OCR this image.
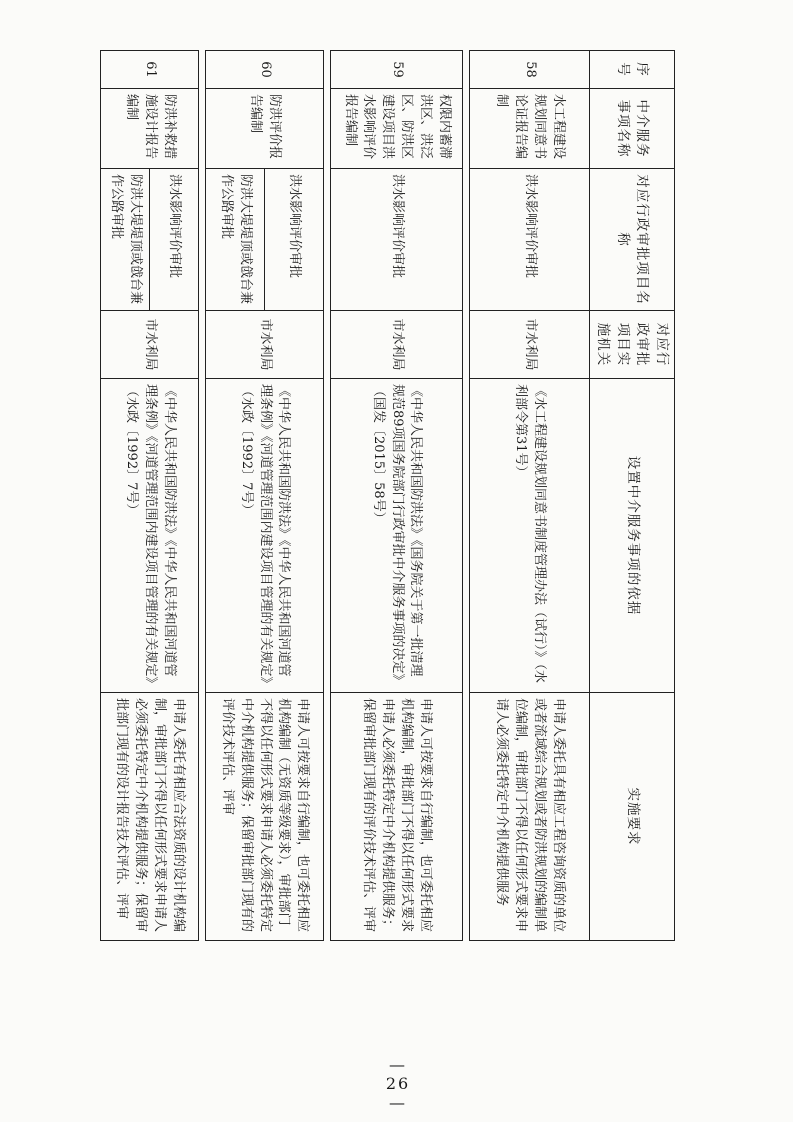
序号	中介服务事项名称	对应行政审批项目名称	对应行政审批项目实施机关	设置中介服务事项的依据	实施要求
58	水工程建设规划同意书论证报告编制	洪水影响评价审批	市水利局	《水工程建设规划同意书制度管理办法（试行）》（水利部令第31号）	申请人委托具有相应工程咨询资质的单位或者流域综合规划或者防洪规划的编制单位编制，审批部门不得以任何形式要求申请人必须委托特定中介机构提供服务

59	权限内蓄滞洪区、洪泛区、防洪区建设项目洪水影响评价报告编制	洪水影响评价审批	市水利局	《中华人民共和国防洪法》《国务院关于第一批清理规范89项国务院部门行政审批中介服务事项的决定》（国发〔2015〕58号）	申请人可按要求自行编制，也可委托相应机构编制，审批部门不得以任何形式要求申请人必须委托特定中介机构提供服务；保留审批部门现有的评价技术评估、评审

60	防洪评价报告编制	洪水影响评价审批	市水利局	《中华人民共和国防洪法》《中华人民共和国河道管理条例》《河道管理范围内建设项目管理的有关规定》（水政〔1992〕7号）	申请人可按要求自行编制，也可委托相应机构编制（无资质等级要求），审批部门不得以任何形式要求申请人必须委托特定中介机构提供服务；保留审批部门现有的评价技术评估、评审
		防洪大堤堤顶或戗台兼作公路审批			

61	防洪补救措施设计报告编制	洪水影响评价审批	市水利局	《中华人民共和国防洪法》《中华人民共和国河道管理条例》《河道管理范围内建设项目管理的有关规定》（水政〔1992〕7号）	申请人委托有相应合法资质的设计机构编制，审批部门不得以任何形式要求申请人必须委托特定中介机构提供服务；保留审批部门现有的设计报告技术评估、评审
		防洪大堤堤顶或戗台兼作公路审批			
— 26 —
